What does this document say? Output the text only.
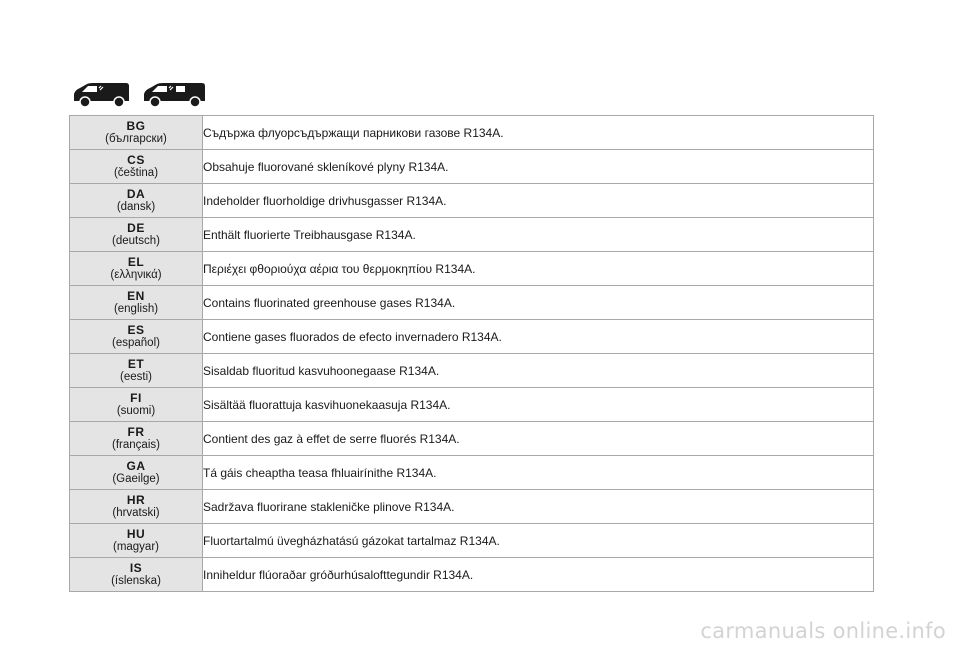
BG
(български)	Съдържа флуорсъдържащи парникови газове R134A.

CS
(čeština)	Obsahuje fluorované skleníkové plyny R134A.

DA
(dansk)	Indeholder fluorholdige drivhusgasser R134A.

DE
(deutsch)	Enthält fluorierte Treibhausgase R134A.

EL
(ελληνικά)	Περιέχει φθοριούχα αέρια του θερμοκηπίου R134A.

EN
(english)	Contains fluorinated greenhouse gases R134A.

ES
(español)	Contiene gases fluorados de efecto invernadero R134A.

ET
(eesti)	Sisaldab fluoritud kasvuhoonegaase R134A.

FI
(suomi)	Sisältää fluorattuja kasvihuonekaasuja R134A.

FR
(français)	Contient des gaz à effet de serre fluorés R134A.

GA
(Gaeilge)	Tá gáis cheaptha teasa fhluairínithe R134A.

HR
(hrvatski)	Sadržava fluorirane stakleničke plinove R134A.

HU
(magyar)	Fluortartalmú üvegházhatású gázokat tartalmaz R134A.

IS
(íslenska)	Inniheldur flúoraðar gróðurhúsalofttegundir R134A.
carmanuals online.info
